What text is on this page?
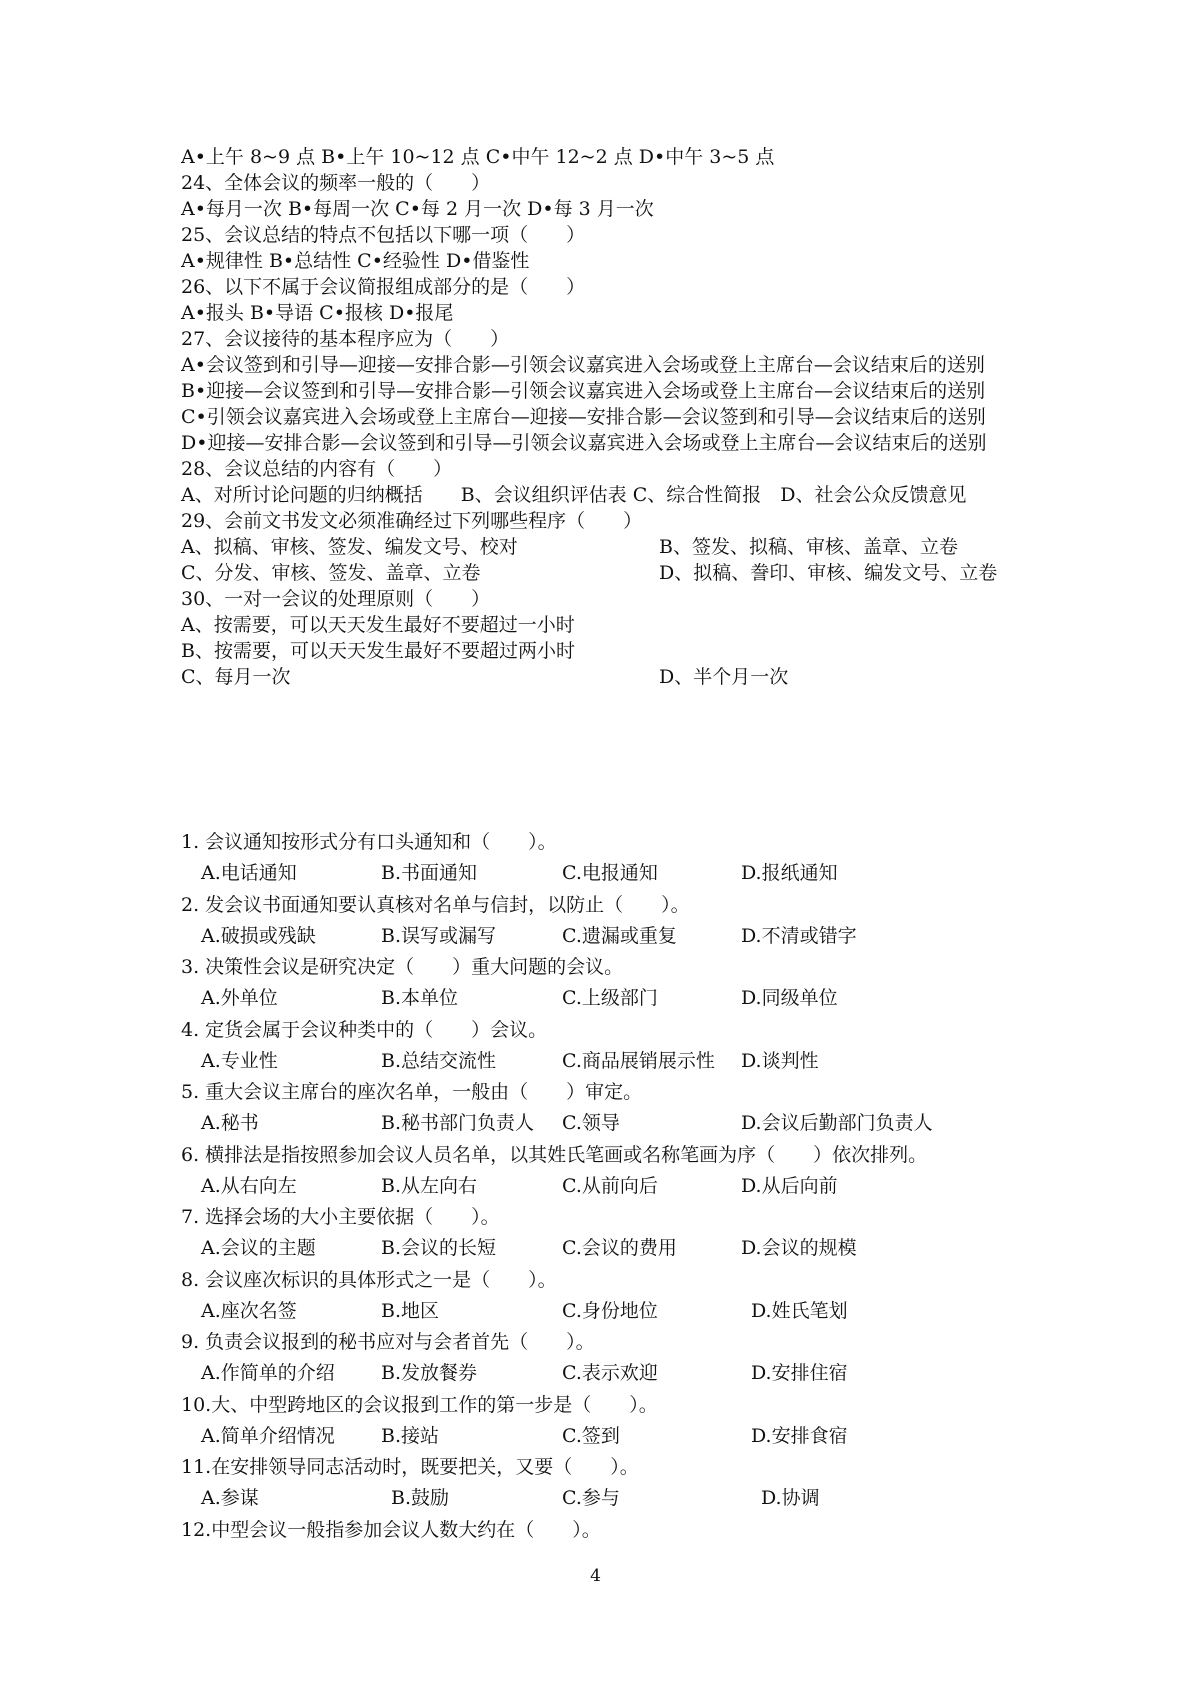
A•上午 8~9 点 B•上午 10~12 点 C•中午 12~2 点 D•中午 3~5 点
24、全体会议的频率一般的（　　）
A•每月一次 B•每周一次 C•每 2 月一次 D•每 3 月一次
25、会议总结的特点不包括以下哪一项（　　）
A•规律性 B•总结性 C•经验性 D•借鉴性
26、以下不属于会议简报组成部分的是（　　）
A•报头 B•导语 C•报核 D•报尾
27、会议接待的基本程序应为（　　）
A•会议签到和引导—迎接—安排合影—引领会议嘉宾进入会场或登上主席台—会议结束后的送别
B•迎接—会议签到和引导—安排合影—引领会议嘉宾进入会场或登上主席台—会议结束后的送别
C•引领会议嘉宾进入会场或登上主席台—迎接—安排合影—会议签到和引导—会议结束后的送别
D•迎接—安排合影—会议签到和引导—引领会议嘉宾进入会场或登上主席台—会议结束后的送别
28、会议总结的内容有（　　）
A、对所讨论问题的归纳概括　　B、会议组织评估表 C、综合性简报　D、社会公众反馈意见
29、会前文书发文必须准确经过下列哪些程序（　　）
A、拟稿、审核、签发、编发文号、校对	B、签发、拟稿、审核、盖章、立卷
C、分发、审核、签发、盖章、立卷	D、拟稿、誊印、审核、编发文号、立卷
30、一对一会议的处理原则（　　）
A、按需要，可以天天发生最好不要超过一小时
B、按需要，可以天天发生最好不要超过两小时
C、每月一次	D、半个月一次
1. 会议通知按形式分有口头通知和（　　）。
A.电话通知	B.书面通知	C.电报通知	D.报纸通知
2. 发会议书面通知要认真核对名单与信封，以防止（　　）。
A.破损或残缺	B.误写或漏写	C.遗漏或重复	D.不清或错字
3. 决策性会议是研究决定（　　）重大问题的会议。
A.外单位	B.本单位	C.上级部门	D.同级单位
4. 定货会属于会议种类中的（　　）会议。
A.专业性	B.总结交流性	C.商品展销展示性 D.谈判性
5. 重大会议主席台的座次名单，一般由（　　）审定。
A.秘书	B.秘书部门负责人 C.领导	D.会议后勤部门负责人
6. 横排法是指按照参加会议人员名单，以其姓氏笔画或名称笔画为序（　　）依次排列。
A.从右向左	B.从左向右	C.从前向后	D.从后向前
7. 选择会场的大小主要依据（　　）。
A.会议的主题	B.会议的长短	C.会议的费用	D.会议的规模
8. 会议座次标识的具体形式之一是（　　）。
A.座次名签	B.地区	C.身份地位	D.姓氏笔划
9. 负责会议报到的秘书应对与会者首先（　　）。
A.作简单的介绍 B.发放餐券	C.表示欢迎	D.安排住宿
10.大、中型跨地区的会议报到工作的第一步是（　　）。
A.简单介绍情况 B.接站	C.签到	D.安排食宿
11.在安排领导同志活动时，既要把关，又要（　　）。
A.参谋	B.鼓励	C.参与	D.协调
12.中型会议一般指参加会议人数大约在（　　）。
4
